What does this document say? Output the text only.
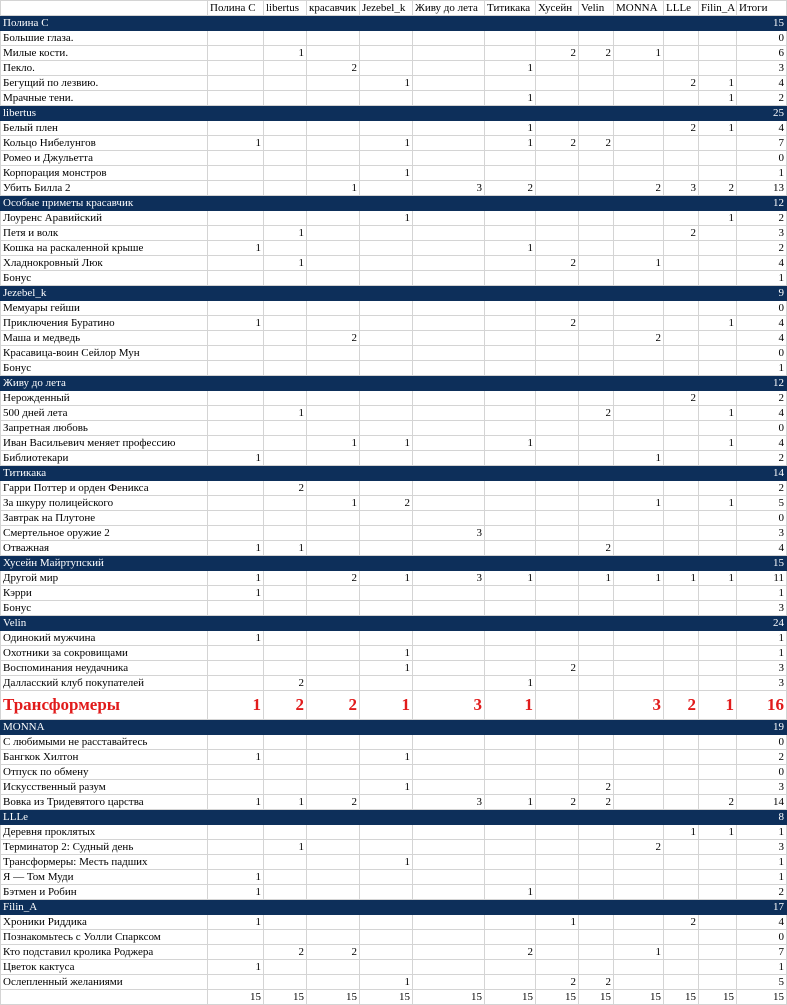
	Полина С	libertus	красавчик	Jezebel_k	Живу до лета	Титикака	Хусейн	Velin	MONNA	LLLe	Filin_A	Итоги
Полина С												15
Большие глаза.												0
Милые кости.		1					2	2	1			6
Пекло.			2			1						3
Бегущий по лезвию.				1						2	1	4
Мрачные тени.						1					1	2
libertus												25
Белый плен						1				2	1	4
Кольцо Нибелунгов	1			1		1	2	2				7
Ромео и Джульетта												0
Корпорация монстров				1								1
Убить Билла 2			1		3	2			2	3	2	13
Особые приметы красавчик												12
Лоуренс Аравийский				1							1	2
Петя и волк		1								2		3
Кошка на раскаленной крыше	1					1						2
Хладнокровный Люк		1					2		1			4
Бонус												1
Jezebel_k												9
Мемуары гейши												0
Приключения Буратино	1						2				1	4
Маша и медведь			2						2			4
Красавица-воин Сейлор Мун												0
Бонус												1
Живу до лета												12
Нерожденный										2		2
500 дней лета		1						2			1	4
Запретная любовь												0
Иван Васильевич меняет профессию			1	1		1					1	4
Библиотекари	1								1			2
Титикака												14
Гарри Поттер и орден Феникса		2										2
За шкуру полицейского			1	2					1		1	5
Завтрак на Плутоне												0
Смертельное оружие 2					3							3
Отважная	1	1						2				4
Хусейн Майртупский												15
Другой мир	1		2	1	3	1		1	1	1	1	11
Кэрри	1											1
Бонус												3
Velin												24
Одинокий мужчина	1											1
Охотники за сокровищами				1								1
Воспоминания неудачника				1			2					3
Далласский клуб покупателей		2				1						3
Трансформеры	1	2	2	1	3	1			3	2	1	16
MONNA												19
С любимыми не расставайтесь												0
Бангкок Хилтон	1			1								2
Отпуск по обмену												0
Искусственный разум				1				2				3
Вовка из Тридевятого царства	1	1	2		3	1	2	2			2	14
LLLe												8
Деревня проклятых										1	1	1
Терминатор 2: Судный день		1							2			3
Трансформеры: Месть падших				1								1
Я — Том Муди	1											1
Бэтмен и Робин	1					1						2
Filin_A												17
Хроники Риддика	1						1			2		4
Познакомьтесь с Уолли Спарксом												0
Кто подставил кролика Роджера		2	2			2			1			7
Цветок кактуса	1											1
Ослепленный желаниями				1			2	2				5
	15	15	15	15	15	15	15	15	15	15	15	15
